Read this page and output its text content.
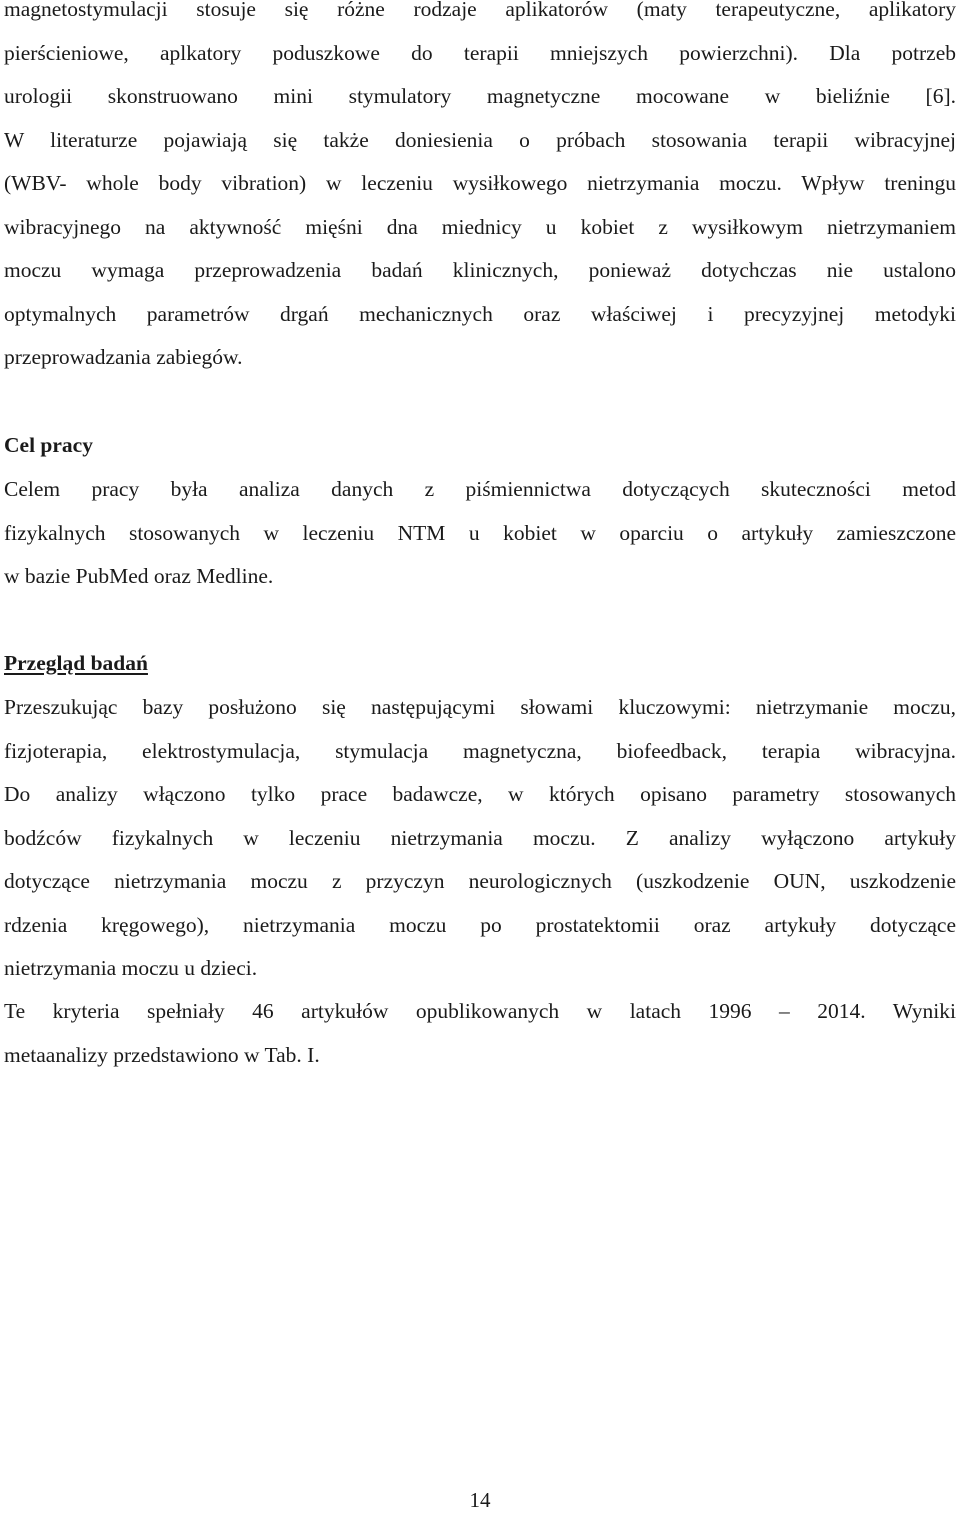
magnetostymulacji stosuje się różne rodzaje aplikatorów (maty terapeutyczne, aplikatory

pierścieniowe, aplkatory poduszkowe do terapii mniejszych powierzchni). Dla potrzeb

urologii skonstruowano mini stymulatory magnetyczne mocowane w bieliźnie [6].

W literaturze pojawiają się także doniesienia o próbach stosowania terapii wibracyjnej

(WBV- whole body vibration) w leczeniu wysiłkowego nietrzymania moczu. Wpływ treningu

wibracyjnego na aktywność mięśni dna miednicy u kobiet z wysiłkowym nietrzymaniem

moczu wymaga przeprowadzenia badań klinicznych, ponieważ dotychczas nie ustalono

optymalnych parametrów drgań mechanicznych oraz właściwej i precyzyjnej metodyki

przeprowadzania zabiegów.

Cel pracy

Celem pracy była analiza danych z piśmiennictwa dotyczących skuteczności metod

fizykalnych stosowanych w leczeniu NTM u kobiet w oparciu o artykuły zamieszczone

w bazie PubMed oraz Medline.

Przegląd badań

Przeszukując bazy posłużono się następującymi słowami kluczowymi: nietrzymanie moczu,

fizjoterapia, elektrostymulacja, stymulacja magnetyczna, biofeedback, terapia wibracyjna.

Do analizy włączono tylko prace badawcze, w których opisano parametry stosowanych

bodźców fizykalnych w leczeniu nietrzymania moczu. Z analizy wyłączono artykuły

dotyczące nietrzymania moczu z przyczyn neurologicznych (uszkodzenie OUN, uszkodzenie

rdzenia kręgowego), nietrzymania moczu po prostatektomii oraz artykuły dotyczące

nietrzymania moczu u dzieci.

Te kryteria spełniały 46 artykułów opublikowanych w latach 1996 – 2014. Wyniki

metaanalizy przedstawiono w Tab. I.

14
